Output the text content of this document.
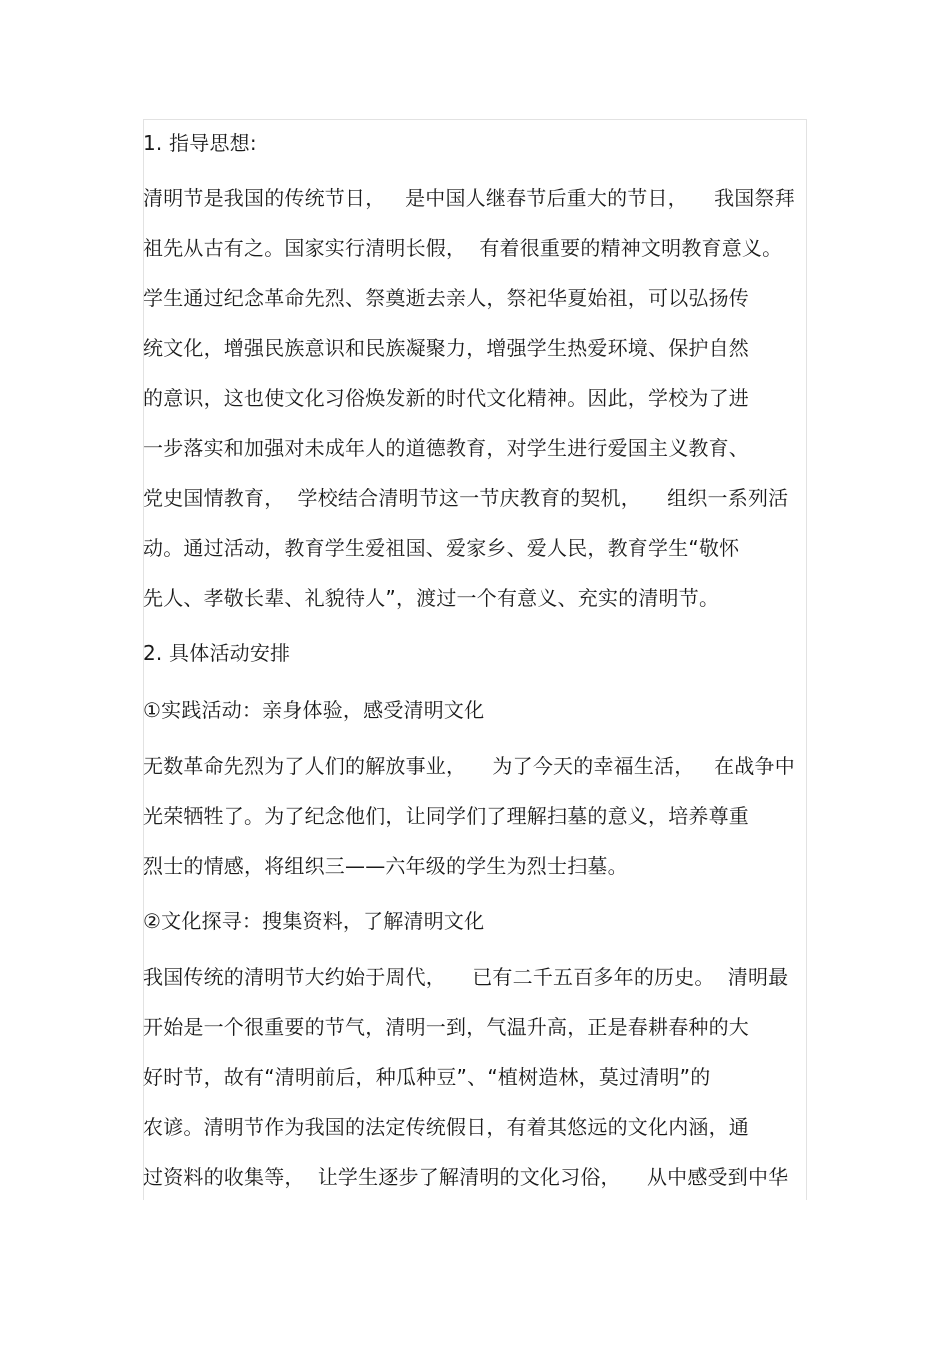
1. 指导思想:
清明节是我国的传统节日，   是中国人继春节后重大的节日，    我国祭拜
祖先从古有之。国家实行清明长假，  有着很重要的精神文明教育意义。
学生通过纪念革命先烈、祭奠逝去亲人，祭祀华夏始祖，可以弘扬传
统文化，增强民族意识和民族凝聚力，增强学生热爱环境、保护自然
的意识，这也使文化习俗焕发新的时代文化精神。因此，学校为了进
一步落实和加强对未成年人的道德教育，对学生进行爱国主义教育、
党史国情教育，  学校结合清明节这一节庆教育的契机，    组织一系列活
动。通过活动，教育学生爱祖国、爱家乡、爱人民，教育学生“敬怀
先人、孝敬长辈、礼貌待人”，渡过一个有意义、充实的清明节。
2. 具体活动安排
①实践活动：亲身体验，感受清明文化
无数革命先烈为了人们的解放事业，    为了今天的幸福生活，   在战争中
光荣牺牲了。为了纪念他们，让同学们了理解扫墓的意义，培养尊重
烈士的情感，将组织三——六年级的学生为烈士扫墓。
②文化探寻：搜集资料，了解清明文化
我国传统的清明节大约始于周代，    已有二千五百多年的历史。  清明最
开始是一个很重要的节气，清明一到，气温升高，正是春耕春种的大
好时节，故有“清明前后，种瓜种豆”、“植树造林，莫过清明”的
农谚。清明节作为我国的法定传统假日，有着其悠远的文化内涵，通
过资料的收集等，  让学生逐步了解清明的文化习俗，    从中感受到中华
